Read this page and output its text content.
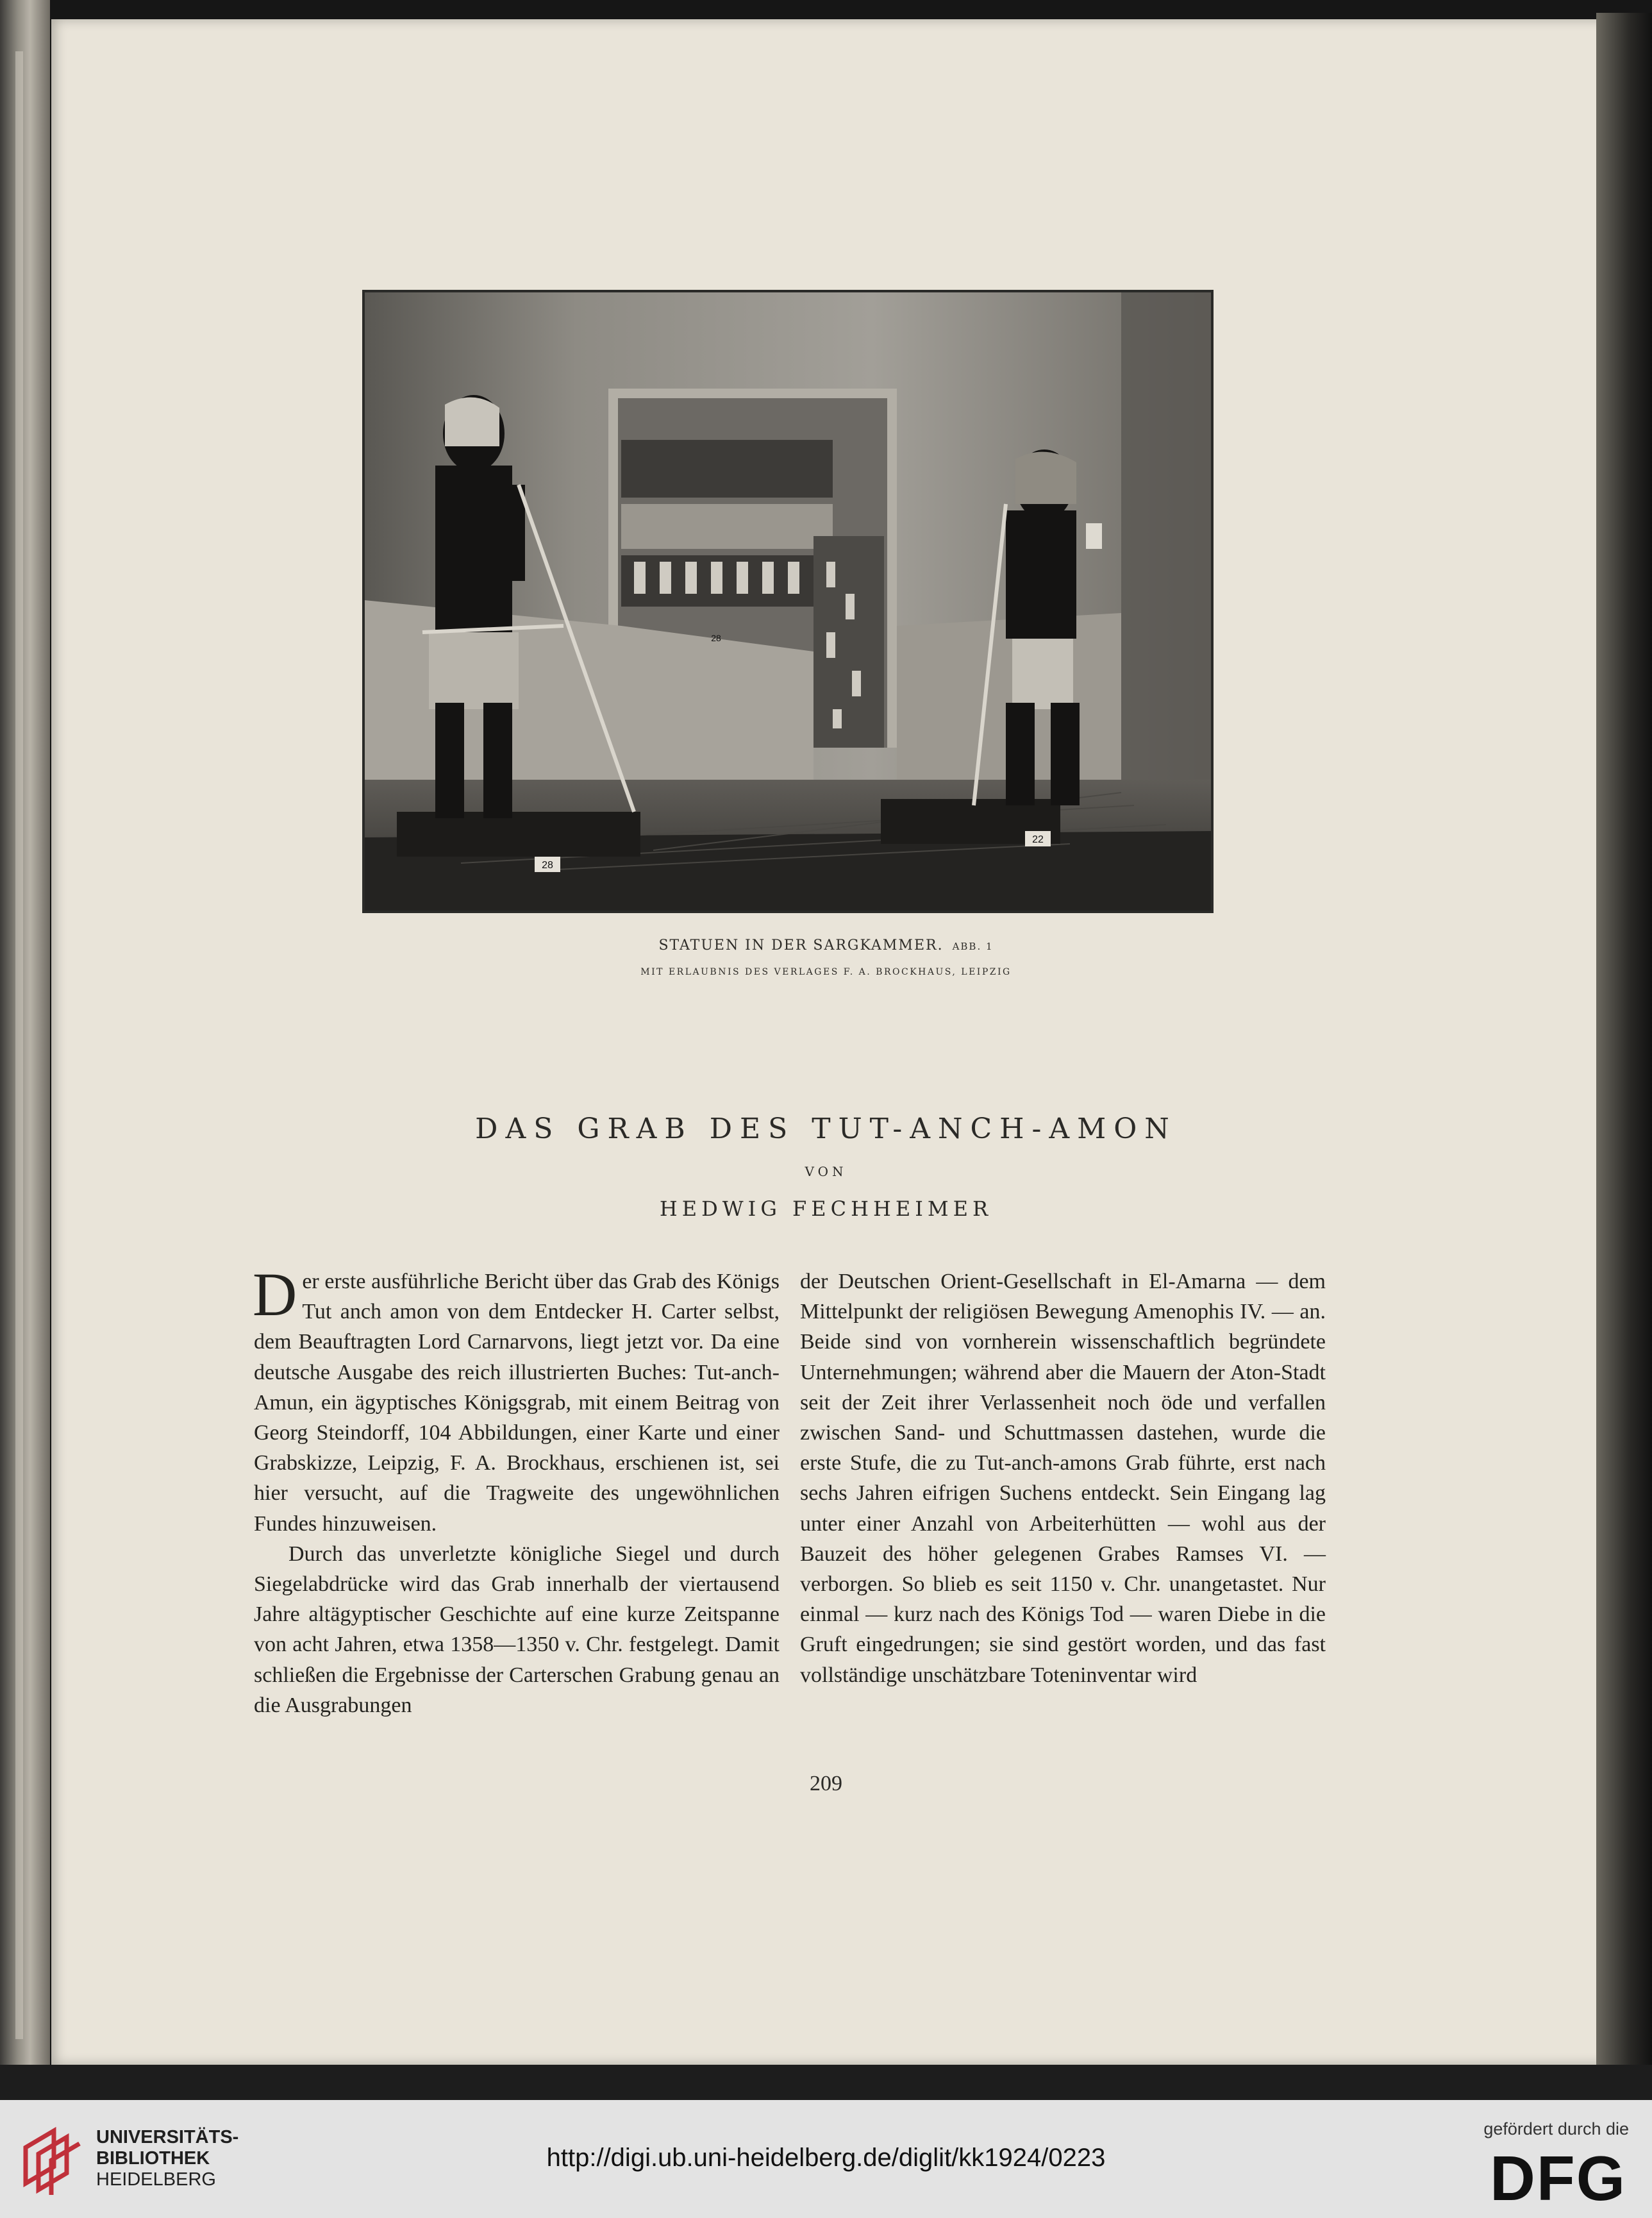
28
28
22
STATUEN IN DER SARGKAMMER. ABB. 1
MIT ERLAUBNIS DES VERLAGES F. A. BROCKHAUS, LEIPZIG
DAS GRAB DES TUT-ANCH-AMON
VON
HEDWIG FECHHEIMER

Der erste ausführliche Bericht über das Grab des Königs Tut anch amon von dem Entdecker H. Carter selbst, dem Beauftragten Lord Carnarvons, liegt jetzt vor. Da eine deutsche Ausgabe des reich illustrierten Buches: Tut-anch-Amun, ein ägyptisches Königsgrab, mit einem Beitrag von Georg Steindorff, 104 Abbildungen, einer Karte und einer Grabskizze, Leipzig, F. A. Brockhaus, erschienen ist, sei hier versucht, auf die Tragweite des ungewöhnlichen Fundes hinzuweisen.

Durch das unverletzte königliche Siegel und durch Siegelabdrücke wird das Grab innerhalb der viertausend Jahre altägyptischer Geschichte auf eine kurze Zeitspanne von acht Jahren, etwa 1358—1350 v. Chr. festgelegt. Damit schließen die Ergebnisse der Carterschen Grabung genau an die Ausgrabungen

der Deutschen Orient-Gesellschaft in El-Amarna — dem Mittelpunkt der religiösen Bewegung Amenophis IV. — an. Beide sind von vornherein wissenschaftlich begründete Unternehmungen; während aber die Mauern der Aton-Stadt seit der Zeit ihrer Verlassenheit noch öde und verfallen zwischen Sand- und Schuttmassen dastehen, wurde die erste Stufe, die zu Tut-anch-amons Grab führte, erst nach sechs Jahren eifrigen Suchens entdeckt. Sein Eingang lag unter einer Anzahl von Arbeiterhütten — wohl aus der Bauzeit des höher gelegenen Grabes Ramses VI. — verborgen. So blieb es seit 1150 v. Chr. unangetastet. Nur einmal — kurz nach des Königs Tod — waren Diebe in die Gruft eingedrungen; sie sind gestört worden, und das fast vollständige unschätzbare Toteninventar wird

209
UNIVERSITÄTS-
BIBLIOTHEK
HEIDELBERG
http://digi.ub.uni-heidelberg.de/diglit/kk1924/0223
gefördert durch die
DFG
